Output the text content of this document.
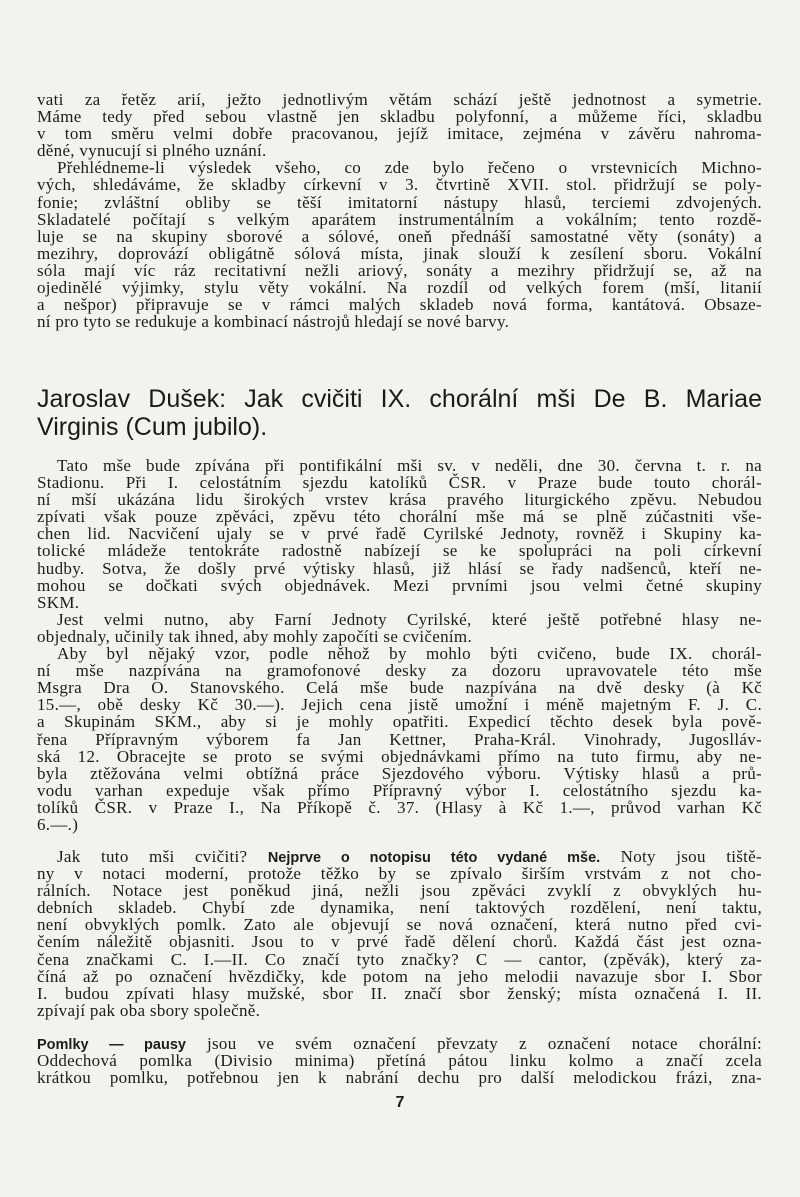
vati za řetěz arií, ježto jednotlivým větám schází ještě jednotnost a symetrie.
Máme tedy před sebou vlastně jen skladbu polyfonní, a můžeme říci, skladbu
v tom směru velmi dobře pracovanou, jejíž imitace, zejména v závěru nahroma-
děné, vynucují si plného uznání.
Přehlédneme-li výsledek všeho, co zde bylo řečeno o vrstevnicích Michno-
vých, shledáváme, že skladby církevní v 3. čtvrtině XVII. stol. přidržují se poly-
fonie; zvláštní obliby se těší imitatorní nástupy hlasů, terciemi zdvojených.
Skladatelé počítají s velkým aparátem instrumentálním a vokálním; tento rozdě-
luje se na skupiny sborové a sólové, oneň přednáší samostatné věty (sonáty) a
mezihry, doprovází obligátně sólová místa, jinak slouží k zesílení sboru. Vokální
sóla mají víc ráz recitativní nežli ariový, sonáty a mezihry přidržují se, až na
ojedinělé výjimky, stylu věty vokální. Na rozdíl od velkých forem (mší, litanií
a nešpor) připravuje se v rámci malých skladeb nová forma, kantátová. Obsaze-
ní pro tyto se redukuje a kombinací nástrojů hledají se nové barvy.
Jaroslav Dušek: Jak cvičiti IX. chorální mši De B. Mariae
Virginis (Cum jubilo).
Tato mše bude zpívána při pontifikální mši sv. v neděli, dne 30. června t. r. na
Stadionu. Při I. celostátním sjezdu katolíků ČSR. v Praze bude touto chorál-
ní mší ukázána lidu širokých vrstev krása pravého liturgického zpěvu. Nebudou
zpívati však pouze zpěváci, zpěvu této chorální mše má se plně zúčastniti vše-
chen lid. Nacvičení ujaly se v prvé řadě Cyrilské Jednoty, rovněž i Skupiny ka-
tolické mládeže tentokráte radostně nabízejí se ke spolupráci na poli církevní
hudby. Sotva, že došly prvé výtisky hlasů, již hlásí se řady nadšenců, kteří ne-
mohou se dočkati svých objednávek. Mezi prvními jsou velmi četné skupiny
SKM.
Jest velmi nutno, aby Farní Jednoty Cyrilské, které ještě potřebné hlasy ne-
objednaly, učinily tak ihned, aby mohly započíti se cvičením.
Aby byl nějaký vzor, podle něhož by mohlo býti cvičeno, bude IX. chorál-
ní mše nazpívána na gramofonové desky za dozoru upravovatele této mše
Msgra Dra O. Stanovského. Celá mše bude nazpívána na dvě desky (à Kč
15.—, obě desky Kč 30.—). Jejich cena jistě umožní i méně majetným F. J. C.
a Skupinám SKM., aby si je mohly opatřiti. Expedicí těchto desek byla pově-
řena Přípravným výborem fa Jan Kettner, Praha-Král. Vinohrady, Jugoslláv-
ská 12. Obracejte se proto se svými objednávkami přímo na tuto firmu, aby ne-
byla ztěžována velmi obtížná práce Sjezdového výboru. Výtisky hlasů a prů-
vodu varhan expeduje však přímo Přípravný výbor I. celostátního sjezdu ka-
tolíků ČSR. v Praze I., Na Příkopě č. 37. (Hlasy à Kč 1.—, průvod varhan Kč
6.—.)
Jak tuto mši cvičiti? Nejprve o notopisu této vydané mše. Noty jsou tiště-
ny v notaci moderní, protože těžko by se zpívalo širším vrstvám z not cho-
rálních. Notace jest poněkud jiná, nežli jsou zpěváci zvyklí z obvyklých hu-
debních skladeb. Chybí zde dynamika, není taktových rozdělení, není taktu,
není obvyklých pomlk. Zato ale objevují se nová označení, která nutno před cvi-
čením náležitě objasniti. Jsou to v prvé řadě dělení chorů. Každá část jest ozna-
čena značkami C. I.—II. Co značí tyto značky? C — cantor, (zpěvák), který za-
číná až po označení hvězdičky, kde potom na jeho melodii navazuje sbor I. Sbor
I. budou zpívati hlasy mužské, sbor II. značí sbor ženský; místa označená I. II.
zpívají pak oba sbory společně.
Pomlky — pausy jsou ve svém označení převzaty z označení notace chorální:
Oddechová pomlka (Divisio minima) přetíná pátou linku kolmo a značí zcela
krátkou pomlku, potřebnou jen k nabrání dechu pro další melodickou frázi, zna-
7
